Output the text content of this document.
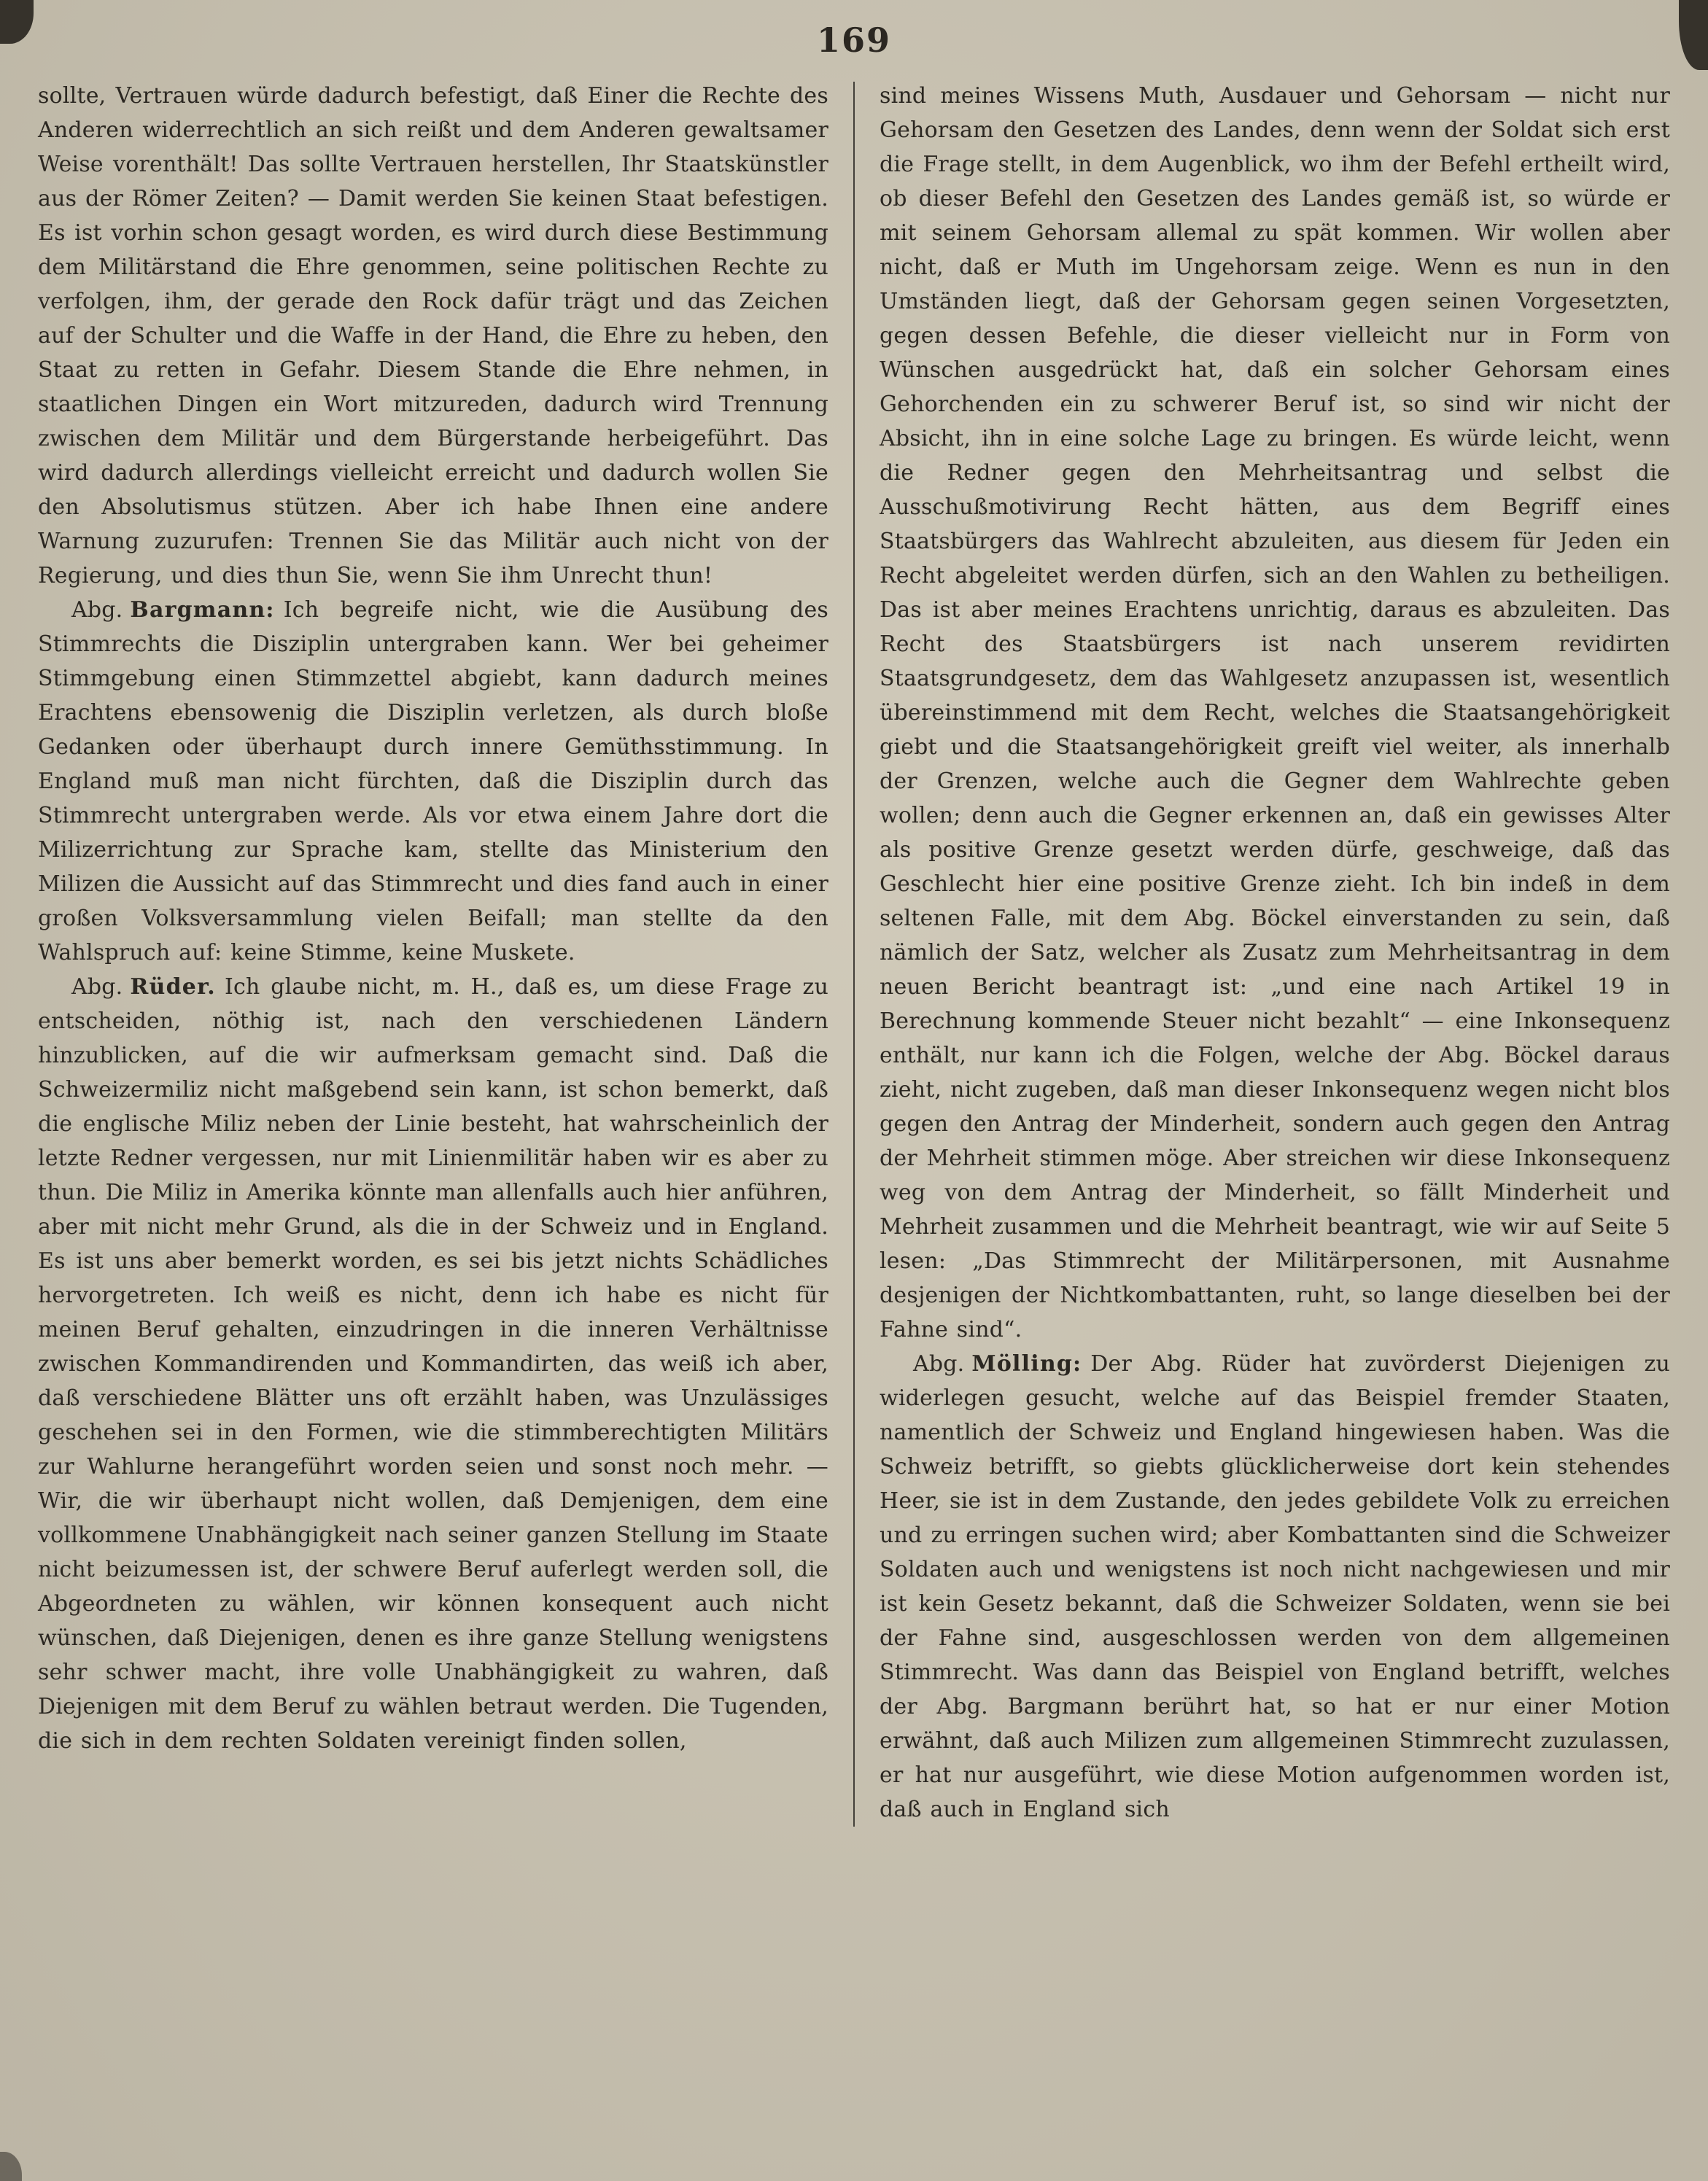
169

sollte, Vertrauen würde dadurch befestigt, daß Einer die Rechte des Anderen widerrechtlich an sich reißt und dem Anderen gewaltsamer Weise vorenthält! Das sollte Vertrauen herstellen, Ihr Staatskünstler aus der Römer Zeiten? — Damit werden Sie keinen Staat befestigen. Es ist vorhin schon gesagt worden, es wird durch diese Bestimmung dem Militärstand die Ehre genommen, seine politischen Rechte zu verfolgen, ihm, der gerade den Rock dafür trägt und das Zeichen auf der Schulter und die Waffe in der Hand, die Ehre zu heben, den Staat zu retten in Gefahr. Diesem Stande die Ehre nehmen, in staatlichen Dingen ein Wort mitzureden, dadurch wird Trennung zwischen dem Militär und dem Bürgerstande herbeigeführt. Das wird dadurch allerdings vielleicht erreicht und dadurch wollen Sie den Absolutismus stützen. Aber ich habe Ihnen eine andere Warnung zuzurufen: Trennen Sie das Militär auch nicht von der Regierung, und dies thun Sie, wenn Sie ihm Unrecht thun!

Abg. Bargmann: Ich begreife nicht, wie die Ausübung des Stimmrechts die Disziplin untergraben kann. Wer bei geheimer Stimmgebung einen Stimmzettel abgiebt, kann dadurch meines Erachtens ebensowenig die Disziplin verletzen, als durch bloße Gedanken oder überhaupt durch innere Gemüthsstimmung. In England muß man nicht fürchten, daß die Disziplin durch das Stimmrecht untergraben werde. Als vor etwa einem Jahre dort die Milizerrichtung zur Sprache kam, stellte das Ministerium den Milizen die Aussicht auf das Stimmrecht und dies fand auch in einer großen Volksversammlung vielen Beifall; man stellte da den Wahlspruch auf: keine Stimme, keine Muskete.

Abg. Rüder. Ich glaube nicht, m. H., daß es, um diese Frage zu entscheiden, nöthig ist, nach den verschiedenen Ländern hinzublicken, auf die wir aufmerksam gemacht sind. Daß die Schweizermiliz nicht maßgebend sein kann, ist schon bemerkt, daß die englische Miliz neben der Linie besteht, hat wahrscheinlich der letzte Redner vergessen, nur mit Linienmilitär haben wir es aber zu thun. Die Miliz in Amerika könnte man allenfalls auch hier anführen, aber mit nicht mehr Grund, als die in der Schweiz und in England. Es ist uns aber bemerkt worden, es sei bis jetzt nichts Schädliches hervorgetreten. Ich weiß es nicht, denn ich habe es nicht für meinen Beruf gehalten, einzudringen in die inneren Verhältnisse zwischen Kommandirenden und Kommandirten, das weiß ich aber, daß verschiedene Blätter uns oft erzählt haben, was Unzulässiges geschehen sei in den Formen, wie die stimmberechtigten Militärs zur Wahlurne herangeführt worden seien und sonst noch mehr. — Wir, die wir überhaupt nicht wollen, daß Demjenigen, dem eine vollkommene Unabhängigkeit nach seiner ganzen Stellung im Staate nicht beizumessen ist, der schwere Beruf auferlegt werden soll, die Abgeordneten zu wählen, wir können konsequent auch nicht wünschen, daß Diejenigen, denen es ihre ganze Stellung wenigstens sehr schwer macht, ihre volle Unabhängigkeit zu wahren, daß Diejenigen mit dem Beruf zu wählen betraut werden. Die Tugenden, die sich in dem rechten Soldaten vereinigt finden sollen,

sind meines Wissens Muth, Ausdauer und Gehorsam — nicht nur Gehorsam den Gesetzen des Landes, denn wenn der Soldat sich erst die Frage stellt, in dem Augenblick, wo ihm der Befehl ertheilt wird, ob dieser Befehl den Gesetzen des Landes gemäß ist, so würde er mit seinem Gehorsam allemal zu spät kommen. Wir wollen aber nicht, daß er Muth im Ungehorsam zeige. Wenn es nun in den Umständen liegt, daß der Gehorsam gegen seinen Vorgesetzten, gegen dessen Befehle, die dieser vielleicht nur in Form von Wünschen ausgedrückt hat, daß ein solcher Gehorsam eines Gehorchenden ein zu schwerer Beruf ist, so sind wir nicht der Absicht, ihn in eine solche Lage zu bringen. Es würde leicht, wenn die Redner gegen den Mehrheitsantrag und selbst die Ausschußmotivirung Recht hätten, aus dem Begriff eines Staatsbürgers das Wahlrecht abzuleiten, aus diesem für Jeden ein Recht abgeleitet werden dürfen, sich an den Wahlen zu betheiligen. Das ist aber meines Erachtens unrichtig, daraus es abzuleiten. Das Recht des Staatsbürgers ist nach unserem revidirten Staatsgrundgesetz, dem das Wahlgesetz anzupassen ist, wesentlich übereinstimmend mit dem Recht, welches die Staatsangehörigkeit giebt und die Staatsangehörigkeit greift viel weiter, als innerhalb der Grenzen, welche auch die Gegner dem Wahlrechte geben wollen; denn auch die Gegner erkennen an, daß ein gewisses Alter als positive Grenze gesetzt werden dürfe, geschweige, daß das Geschlecht hier eine positive Grenze zieht. Ich bin indeß in dem seltenen Falle, mit dem Abg. Böckel einverstanden zu sein, daß nämlich der Satz, welcher als Zusatz zum Mehrheitsantrag in dem neuen Bericht beantragt ist: „und eine nach Artikel 19 in Berechnung kommende Steuer nicht bezahlt“ — eine Inkonsequenz enthält, nur kann ich die Folgen, welche der Abg. Böckel daraus zieht, nicht zugeben, daß man dieser Inkonsequenz wegen nicht blos gegen den Antrag der Minderheit, sondern auch gegen den Antrag der Mehrheit stimmen möge. Aber streichen wir diese Inkonsequenz weg von dem Antrag der Minderheit, so fällt Minderheit und Mehrheit zusammen und die Mehrheit beantragt, wie wir auf Seite 5 lesen: „Das Stimmrecht der Militärpersonen, mit Ausnahme desjenigen der Nichtkombattanten, ruht, so lange dieselben bei der Fahne sind“.

Abg. Mölling: Der Abg. Rüder hat zuvörderst Diejenigen zu widerlegen gesucht, welche auf das Beispiel fremder Staaten, namentlich der Schweiz und England hingewiesen haben. Was die Schweiz betrifft, so giebts glücklicherweise dort kein stehendes Heer, sie ist in dem Zustande, den jedes gebildete Volk zu erreichen und zu erringen suchen wird; aber Kombattanten sind die Schweizer Soldaten auch und wenigstens ist noch nicht nachgewiesen und mir ist kein Gesetz bekannt, daß die Schweizer Soldaten, wenn sie bei der Fahne sind, ausgeschlossen werden von dem allgemeinen Stimmrecht. Was dann das Beispiel von England betrifft, welches der Abg. Bargmann berührt hat, so hat er nur einer Motion erwähnt, daß auch Milizen zum allgemeinen Stimmrecht zuzulassen, er hat nur ausgeführt, wie diese Motion aufgenommen worden ist, daß auch in England sich
